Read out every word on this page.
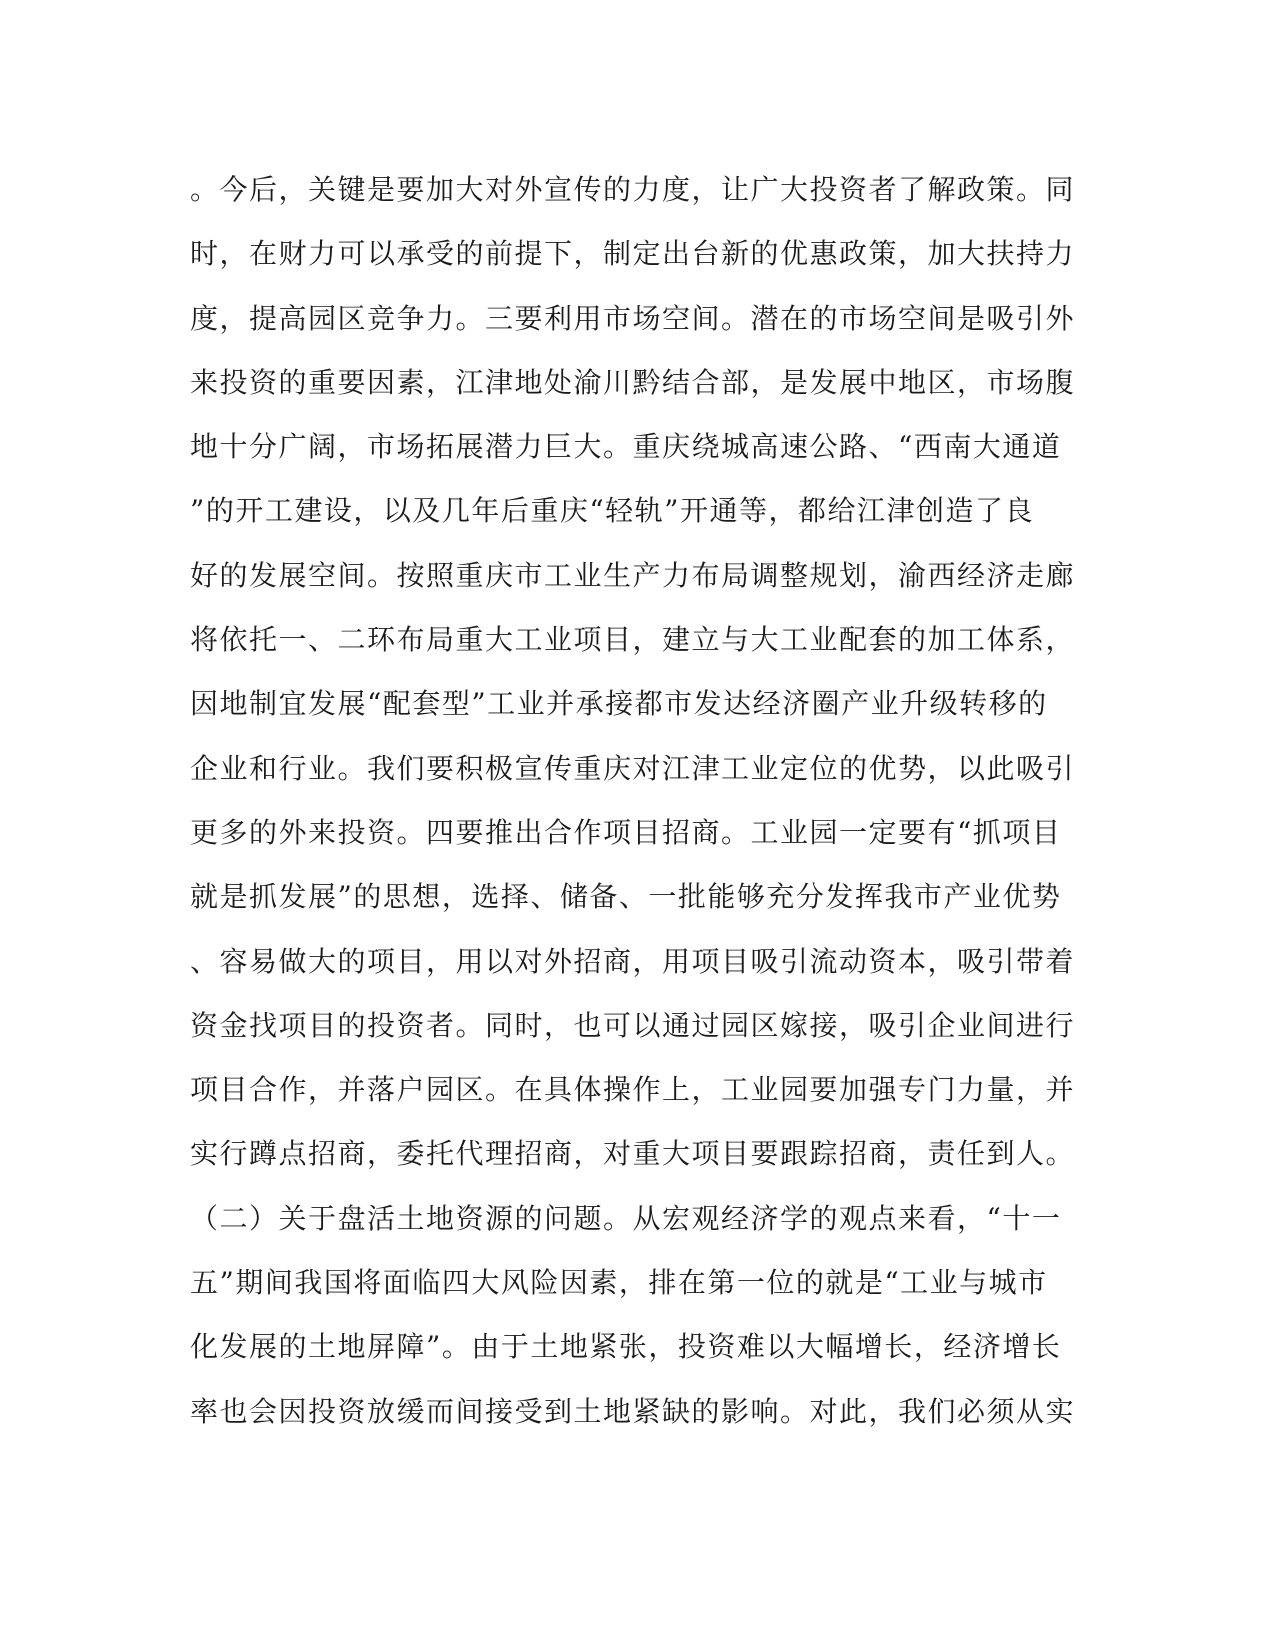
。今后，关键是要加大对外宣传的力度，让广大投资者了解政策。同
时，在财力可以承受的前提下，制定出台新的优惠政策，加大扶持力
度，提高园区竞争力。三要利用市场空间。潜在的市场空间是吸引外
来投资的重要因素，江津地处渝川黔结合部，是发展中地区，市场腹
地十分广阔，市场拓展潜力巨大。重庆绕城高速公路、“西南大通道
”的开工建设，以及几年后重庆“轻轨”开通等，都给江津创造了良
好的发展空间。按照重庆市工业生产力布局调整规划，渝西经济走廊
将依托一、二环布局重大工业项目，建立与大工业配套的加工体系，
因地制宜发展“配套型”工业并承接都市发达经济圈产业升级转移的
企业和行业。我们要积极宣传重庆对江津工业定位的优势，以此吸引
更多的外来投资。四要推出合作项目招商。工业园一定要有“抓项目
就是抓发展”的思想，选择、储备、一批能够充分发挥我市产业优势
、容易做大的项目，用以对外招商，用项目吸引流动资本，吸引带着
资金找项目的投资者。同时，也可以通过园区嫁接，吸引企业间进行
项目合作，并落户园区。在具体操作上，工业园要加强专门力量，并
实行蹲点招商，委托代理招商，对重大项目要跟踪招商，责任到人。
（二）关于盘活土地资源的问题。从宏观经济学的观点来看，“十一
五”期间我国将面临四大风险因素，排在第一位的就是“工业与城市
化发展的土地屏障”。由于土地紧张，投资难以大幅增长，经济增长
率也会因投资放缓而间接受到土地紧缺的影响。对此，我们必须从实
